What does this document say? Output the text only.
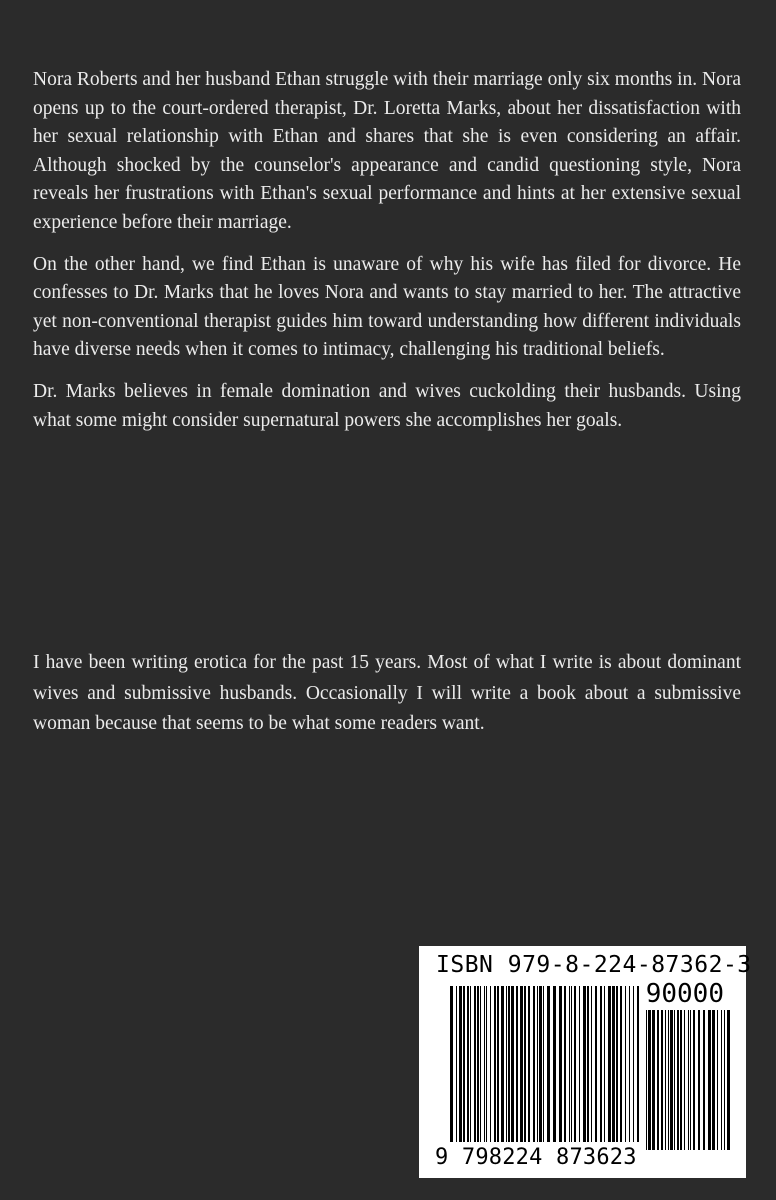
Nora Roberts and her husband Ethan struggle with their marriage only six months in. Nora opens up to the court-ordered therapist, Dr. Loretta Marks, about her dissatisfaction with her sexual relationship with Ethan and shares that she is even considering an affair. Although shocked by the counselor's appearance and candid questioning style, Nora reveals her frustrations with Ethan's sexual performance and hints at her extensive sexual experience before their marriage.

On the other hand, we find Ethan is unaware of why his wife has filed for divorce. He confesses to Dr. Marks that he loves Nora and wants to stay married to her. The attractive yet non-conventional therapist guides him toward understanding how different individuals have diverse needs when it comes to intimacy, challenging his traditional beliefs.

Dr. Marks believes in female domination and wives cuckolding their husbands. Using what some might consider supernatural powers she accomplishes her goals.

I have been writing erotica for the past 15 years. Most of what I write is about dominant wives and submissive husbands. Occasionally I will write a book about a submissive woman because that seems to be what some readers want.

ISBN 979-8-224-87362-3
90000
9 798224 873623
